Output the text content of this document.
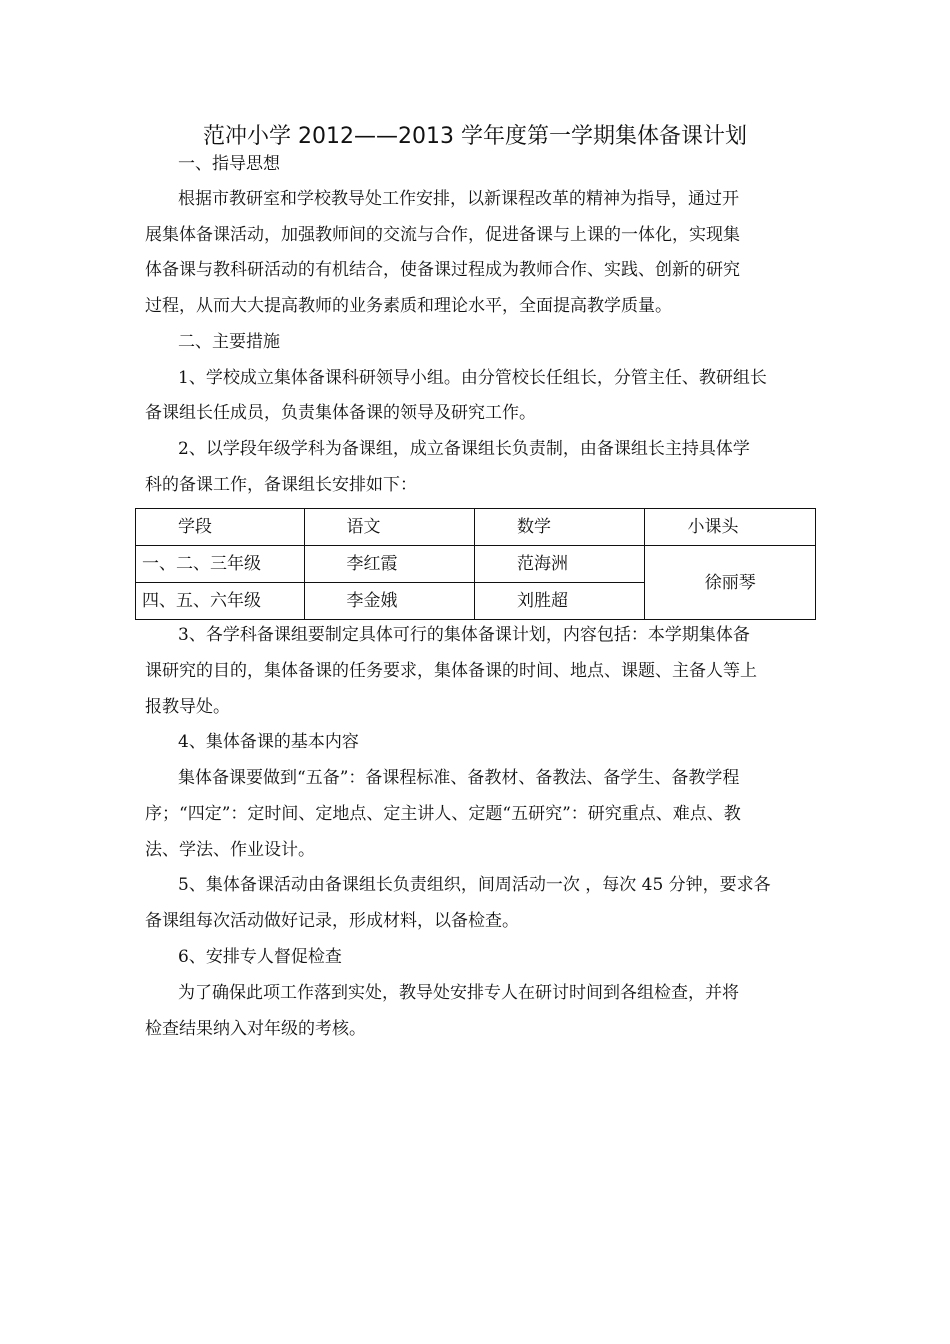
范冲小学 2012——2013 学年度第一学期集体备课计划

一、指导思想

根据市教研室和学校教导处工作安排，以新课程改革的精神为指导，通过开

展集体备课活动，加强教师间的交流与合作，促进备课与上课的一体化，实现集

体备课与教科研活动的有机结合，使备课过程成为教师合作、实践、创新的研究

过程，从而大大提高教师的业务素质和理论水平，全面提高教学质量。

二、主要措施

1、学校成立集体备课科研领导小组。由分管校长任组长，分管主任、教研组长

备课组长任成员，负责集体备课的领导及研究工作。

2、以学段年级学科为备课组，成立备课组长负责制，由备课组长主持具体学

科的备课工作，备课组长安排如下：

学段	语文	数学	小课头

一、二、三年级	李红霞	范海洲	徐丽琴

四、五、六年级	李金娥	刘胜超	

3、各学科备课组要制定具体可行的集体备课计划，内容包括：本学期集体备

课研究的目的，集体备课的任务要求，集体备课的时间、地点、课题、主备人等上

报教导处。

4、集体备课的基本内容

集体备课要做到“五备”：备课程标准、备教材、备教法、备学生、备教学程

序；“四定”：定时间、定地点、定主讲人、定题“五研究”：研究重点、难点、教

法、学法、作业设计。

5、集体备课活动由备课组长负责组织，间周活动一次 ，每次 45 分钟，要求各

备课组每次活动做好记录，形成材料，以备检查。

6、安排专人督促检查

为了确保此项工作落到实处，教导处安排专人在研讨时间到各组检查，并将

检查结果纳入对年级的考核。
